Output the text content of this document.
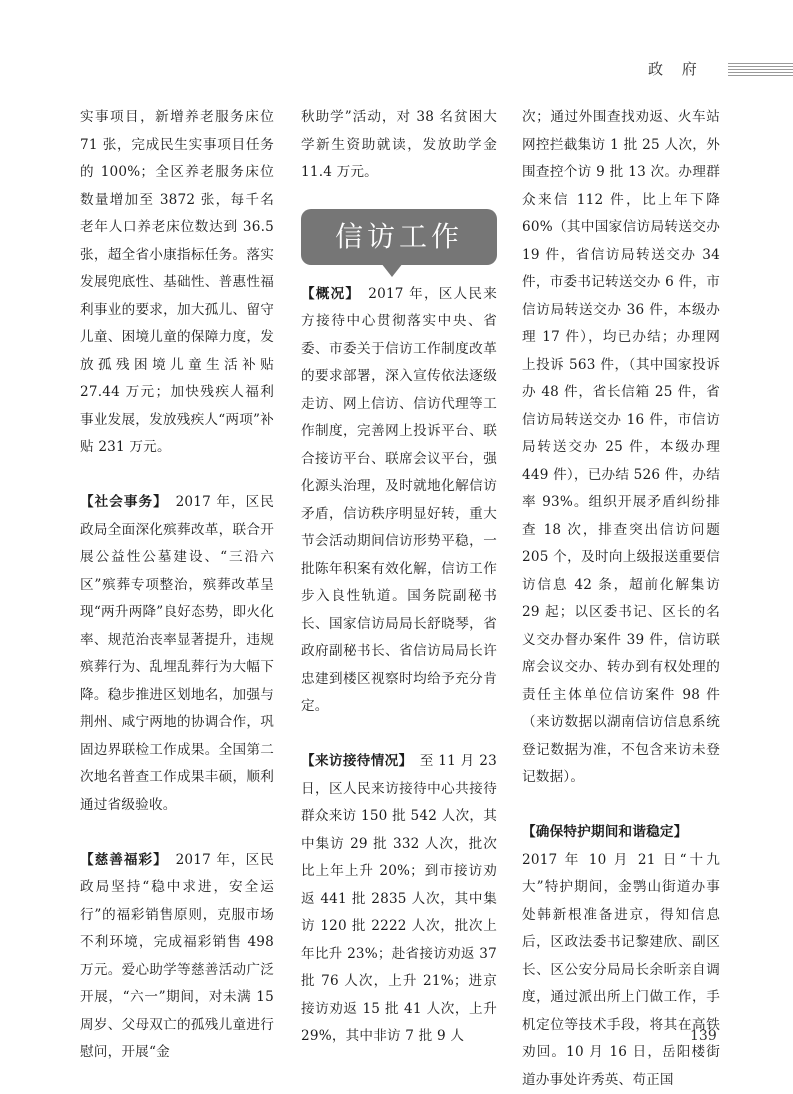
政 府

实事项目，新增养老服务床位 71 张，完成民生实事项目任务的 100%；全区养老服务床位数量增加至 3872 张，每千名老年人口养老床位数达到 36.5 张，超全省小康指标任务。落实发展兜底性、基础性、普惠性福利事业的要求，加大孤儿、留守儿童、困境儿童的保障力度，发放孤残困境儿童生活补贴 27.44 万元；加快残疾人福利事业发展，发放残疾人“两项”补贴 231 万元。

【社会事务】　2017 年，区民政局全面深化殡葬改革，联合开展公益性公墓建设、“三沿六区”殡葬专项整治，殡葬改革呈现“两升两降”良好态势，即火化率、规范治丧率显著提升，违规殡葬行为、乱埋乱葬行为大幅下降。稳步推进区划地名，加强与荆州、咸宁两地的协调合作，巩固边界联检工作成果。全国第二次地名普查工作成果丰硕，顺利通过省级验收。

【慈善福彩】　2017 年，区民政局坚持“稳中求进，安全运行”的福彩销售原则，克服市场不利环境，完成福彩销售 498 万元。爱心助学等慈善活动广泛开展，“六一”期间，对未满 15 周岁、父母双亡的孤残儿童进行慰问，开展“金

秋助学”活动，对 38 名贫困大学新生资助就读，发放助学金 11.4 万元。

信访工作

【概况】　2017 年，区人民来方接待中心贯彻落实中央、省委、市委关于信访工作制度改革的要求部署，深入宣传依法逐级走访、网上信访、信访代理等工作制度，完善网上投诉平台、联合接访平台、联席会议平台，强化源头治理，及时就地化解信访矛盾，信访秩序明显好转，重大节会活动期间信访形势平稳，一批陈年积案有效化解，信访工作步入良性轨道。国务院副秘书长、国家信访局局长舒晓琴，省政府副秘书长、省信访局局长许忠建到楼区视察时均给予充分肯定。

【来访接待情况】　至 11 月 23 日，区人民来访接待中心共接待群众来访 150 批 542 人次，其中集访 29 批 332 人次，批次比上年上升 20%；到市接访劝返 441 批 2835 人次，其中集访 120 批 2222 人次，批次上年比升 23%；赴省接访劝返 37 批 76 人次，上升 21%；进京接访劝返 15 批 41 人次，上升 29%，其中非访 7 批 9 人

次；通过外围查找劝返、火车站网控拦截集访 1 批 25 人次，外围查控个访 9 批 13 次。办理群众来信 112 件，比上年下降 60%（其中国家信访局转送交办 19 件，省信访局转送交办 34 件，市委书记转送交办 6 件，市信访局转送交办 36 件，本级办理 17 件），均已办结；办理网上投诉 563 件，（其中国家投诉办 48 件，省长信箱 25 件，省信访局转送交办 16 件，市信访局转送交办 25 件，本级办理 449 件），已办结 526 件，办结率 93%。组织开展矛盾纠纷排查 18 次，排查突出信访问题 205 个，及时向上级报送重要信访信息 42 条，超前化解集访 29 起；以区委书记、区长的名义交办督办案件 39 件，信访联席会议交办、转办到有权处理的责任主体单位信访案件 98 件（来访数据以湖南信访信息系统登记数据为准，不包含来访未登记数据）。

【确保特护期间和谐稳定】
2017 年 10 月 21 日“十九大”特护期间，金鹗山街道办事处韩新根准备进京，得知信息后，区政法委书记黎建欣、副区长、区公安分局局长余昕亲自调度，通过派出所上门做工作，手机定位等技术手段，将其在高铁劝回。10 月 16 日，岳阳楼街道办事处许秀英、苟正国

139
